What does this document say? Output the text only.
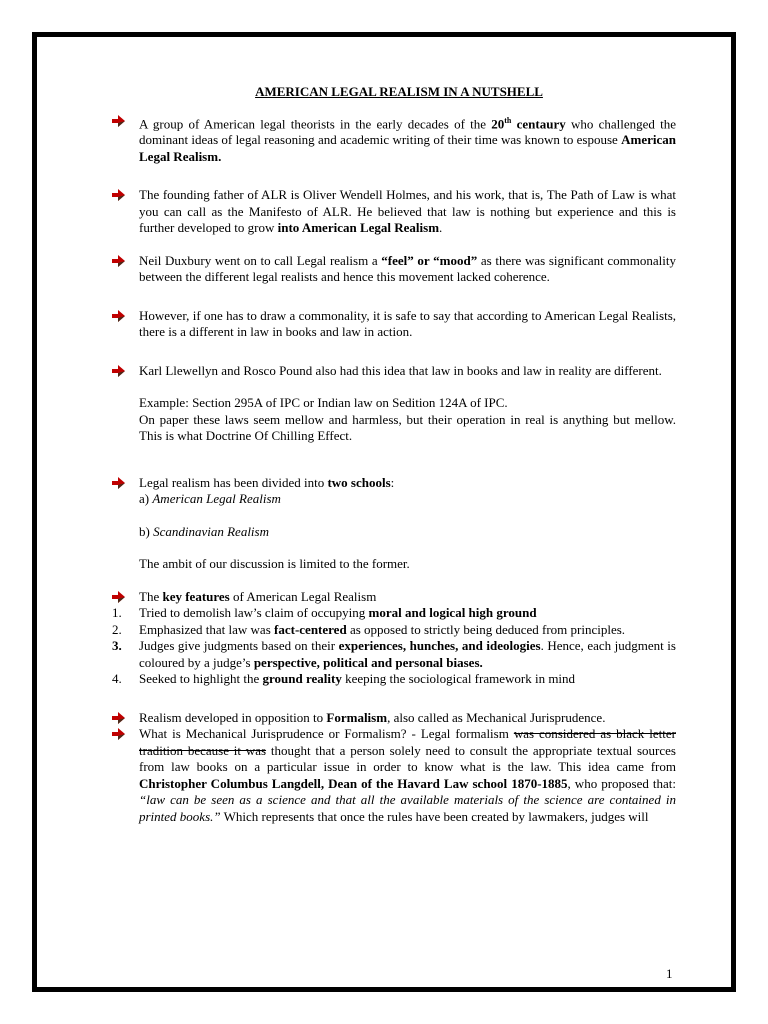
AMERICAN LEGAL REALISM IN A NUTSHELL
A group of American legal theorists in the early decades of the 20th centaury who challenged the dominant ideas of legal reasoning and academic writing of their time was known to espouse American Legal Realism.
The founding father of ALR is Oliver Wendell Holmes, and his work, that is, The Path of Law is what you can call as the Manifesto of ALR. He believed that law is nothing but experience and this is further developed to grow into American Legal Realism.
Neil Duxbury went on to call Legal realism a “feel” or “mood” as there was significant commonality between the different legal realists and hence this movement lacked coherence.
However, if one has to draw a commonality, it is safe to say that according to American Legal Realists, there is a different in law in books and law in action.
Karl Llewellyn and Rosco Pound also had this idea that law in books and law in reality are different.
Example: Section 295A of IPC or Indian law on Sedition 124A of IPC.
On paper these laws seem mellow and harmless, but their operation in real is anything but mellow. This is what Doctrine Of Chilling Effect.
Legal realism has been divided into two schools:
a) American Legal Realism
b) Scandinavian Realism
The ambit of our discussion is limited to the former.
The key features of American Legal Realism
1. Tried to demolish law’s claim of occupying moral and logical high ground
2. Emphasized that law was fact-centered as opposed to strictly being deduced from principles.
3. Judges give judgments based on their experiences, hunches, and ideologies. Hence, each judgment is coloured by a judge’s perspective, political and personal biases.
4. Seeked to highlight the ground reality keeping the sociological framework in mind
Realism developed in opposition to Formalism, also called as Mechanical Jurisprudence.
What is Mechanical Jurisprudence or Formalism? - Legal formalism was considered as black letter tradition because it was thought that a person solely need to consult the appropriate textual sources from law books on a particular issue in order to know what is the law. This idea came from Christopher Columbus Langdell, Dean of the Havard Law school 1870-1885, who proposed that: “law can be seen as a science and that all the available materials of the science are contained in printed books.” Which represents that once the rules have been created by lawmakers, judges will
1
